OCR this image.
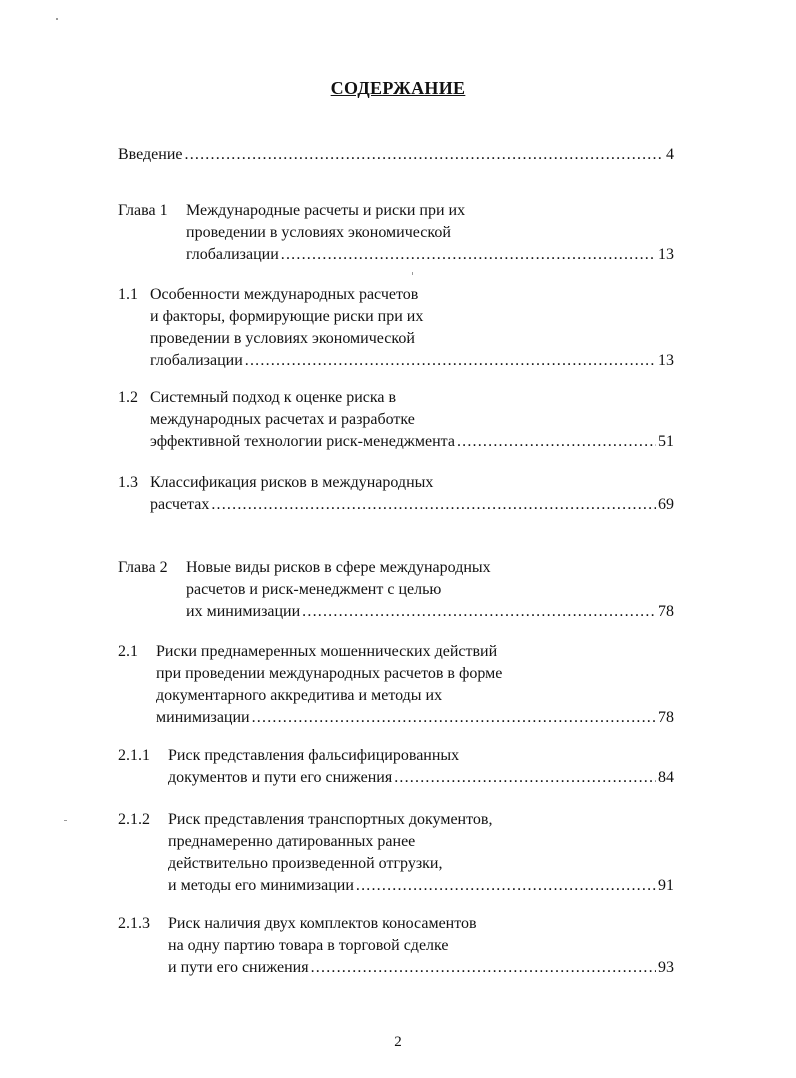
СОДЕРЖАНИЕ
Введение .....	4
Глава 1	Международные расчеты и риски при их
проведении в условиях экономической
глобализации .....	13
1.1 Особенности международных расчетов
и факторы, формирующие риски при их
проведении в условиях экономической
глобализации .....	13
1.2 Системный подход к оценке риска в
международных расчетах и разработке
эффективной технологии риск-менеджмента .....	51
1.3 Классификация рисков в международных
расчетах .....	69
Глава 2	Новые виды рисков в сфере международных
расчетов и риск-менеджмент с целью
их минимизации .....	78
2.1	Риски преднамеренных мошеннических действий
при проведении международных расчетов в форме
документарного аккредитива и методы их
минимизации .....	78
2.1.1	Риск представления фальсифицированных
документов и пути его снижения .....	84
2.1.2	Риск представления транспортных документов,
преднамеренно датированных ранее
действительно произведенной отгрузки,
и методы его минимизации .....	91
2.1.3	Риск наличия двух комплектов коносаментов
на одну партию товара в торговой сделке
и пути его снижения .....	93
2
